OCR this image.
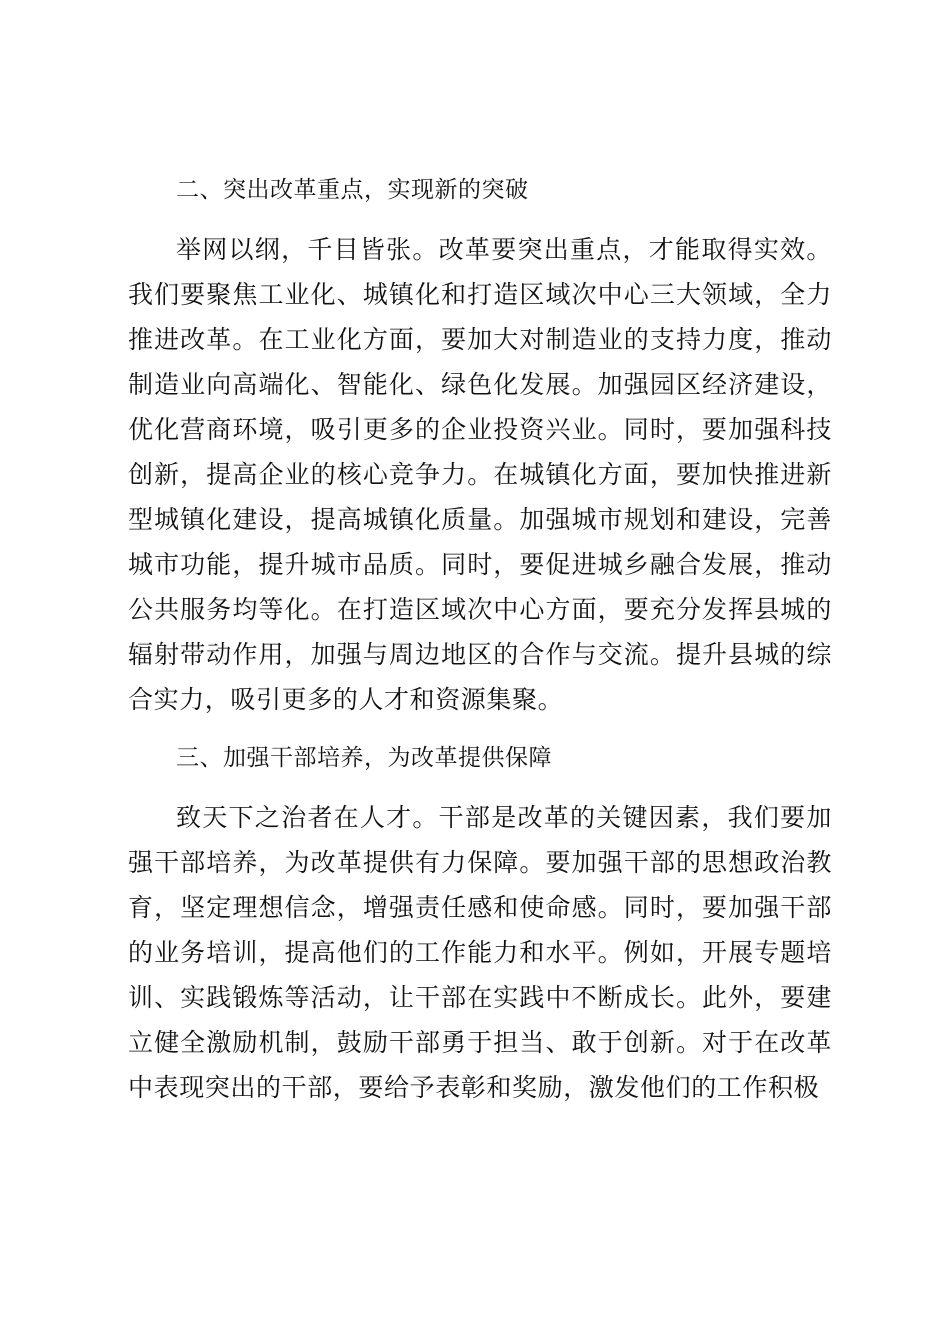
二、突出改革重点，实现新的突破

举网以纲，千目皆张。改革要突出重点，才能取得实效。我们要聚焦工业化、城镇化和打造区域次中心三大领域，全力推进改革。在工业化方面，要加大对制造业的支持力度，推动制造业向高端化、智能化、绿色化发展。加强园区经济建设，优化营商环境，吸引更多的企业投资兴业。同时，要加强科技创新，提高企业的核心竞争力。在城镇化方面，要加快推进新型城镇化建设，提高城镇化质量。加强城市规划和建设，完善城市功能，提升城市品质。同时，要促进城乡融合发展，推动公共服务均等化。在打造区域次中心方面，要充分发挥县城的辐射带动作用，加强与周边地区的合作与交流。提升县城的综合实力，吸引更多的人才和资源集聚。

三、加强干部培养，为改革提供保障

致天下之治者在人才。干部是改革的关键因素，我们要加强干部培养，为改革提供有力保障。要加强干部的思想政治教育，坚定理想信念，增强责任感和使命感。同时，要加强干部的业务培训，提高他们的工作能力和水平。例如，开展专题培训、实践锻炼等活动，让干部在实践中不断成长。此外，要建立健全激励机制，鼓励干部勇于担当、敢于创新。对于在改革中表现突出的干部，要给予表彰和奖励，激发他们的工作积极
